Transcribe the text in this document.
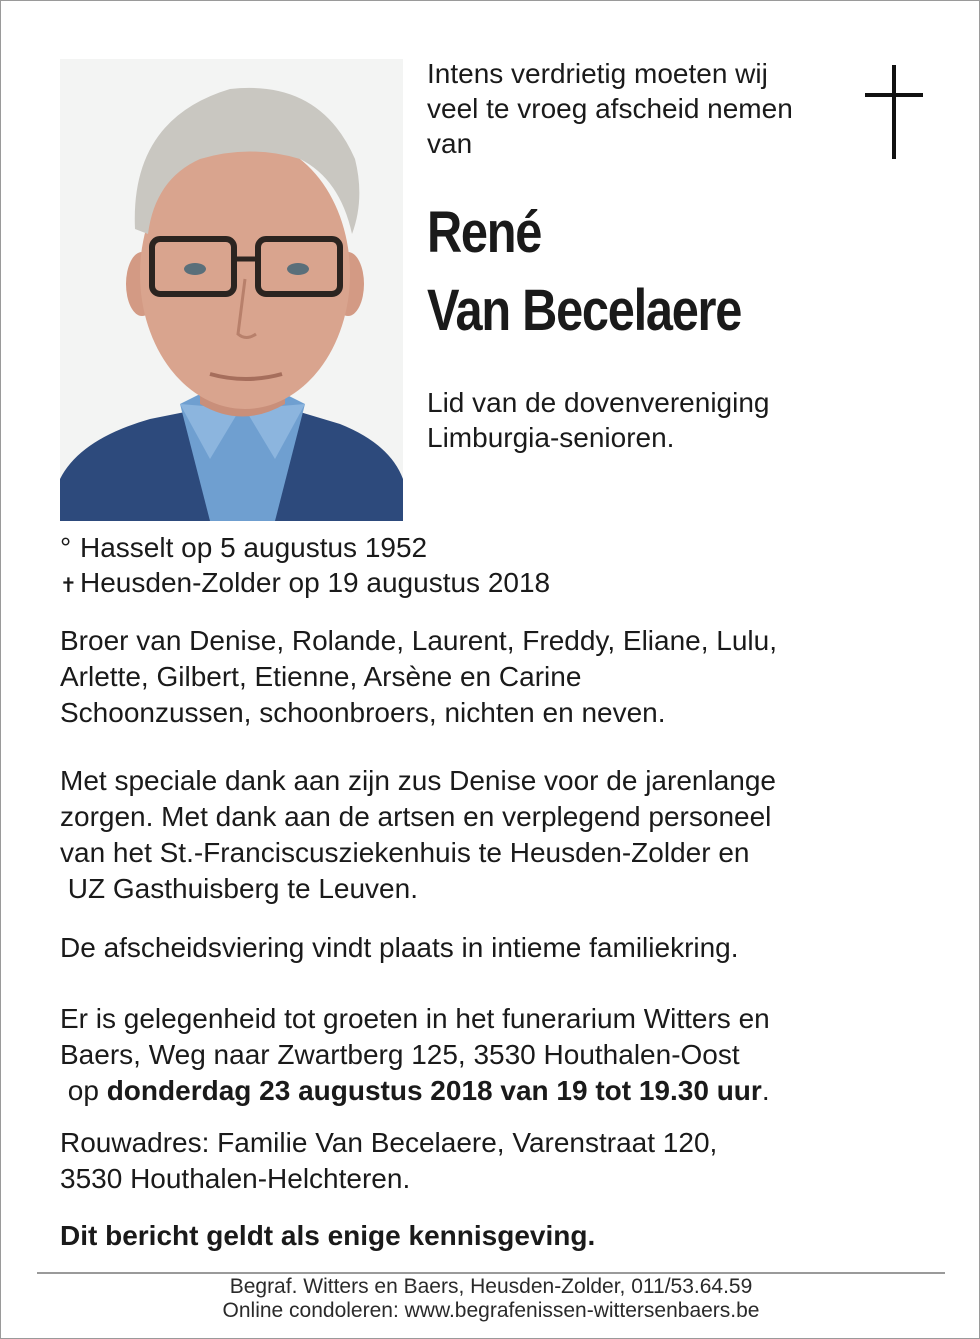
Intens verdrietig moeten wij
veel te vroeg afscheid nemen
van
René
Van Becelaere
Lid van de dovenvereniging
Limburgia-senioren.
° Hasselt op 5 augustus 1952
✝ Heusden-Zolder op 19 augustus 2018
Broer van Denise, Rolande, Laurent, Freddy, Eliane, Lulu,
Arlette, Gilbert, Etienne, Arsène en Carine
Schoonzussen, schoonbroers, nichten en neven.
Met speciale dank aan zijn zus Denise voor de jarenlange
zorgen. Met dank aan de artsen en verplegend personeel
van het St.-Franciscusziekenhuis te Heusden-Zolder en
UZ Gasthuisberg te Leuven.
De afscheidsviering vindt plaats in intieme familiekring.
Er is gelegenheid tot groeten in het funerarium Witters en
Baers, Weg naar Zwartberg 125, 3530 Houthalen-Oost
op donderdag 23 augustus 2018 van 19 tot 19.30 uur.
Rouwadres: Familie Van Becelaere, Varenstraat 120,
3530 Houthalen-Helchteren.
Dit bericht geldt als enige kennisgeving.
Begraf. Witters en Baers, Heusden-Zolder, 011/53.64.59
Online condoleren: www.begrafenissen-wittersenbaers.be
